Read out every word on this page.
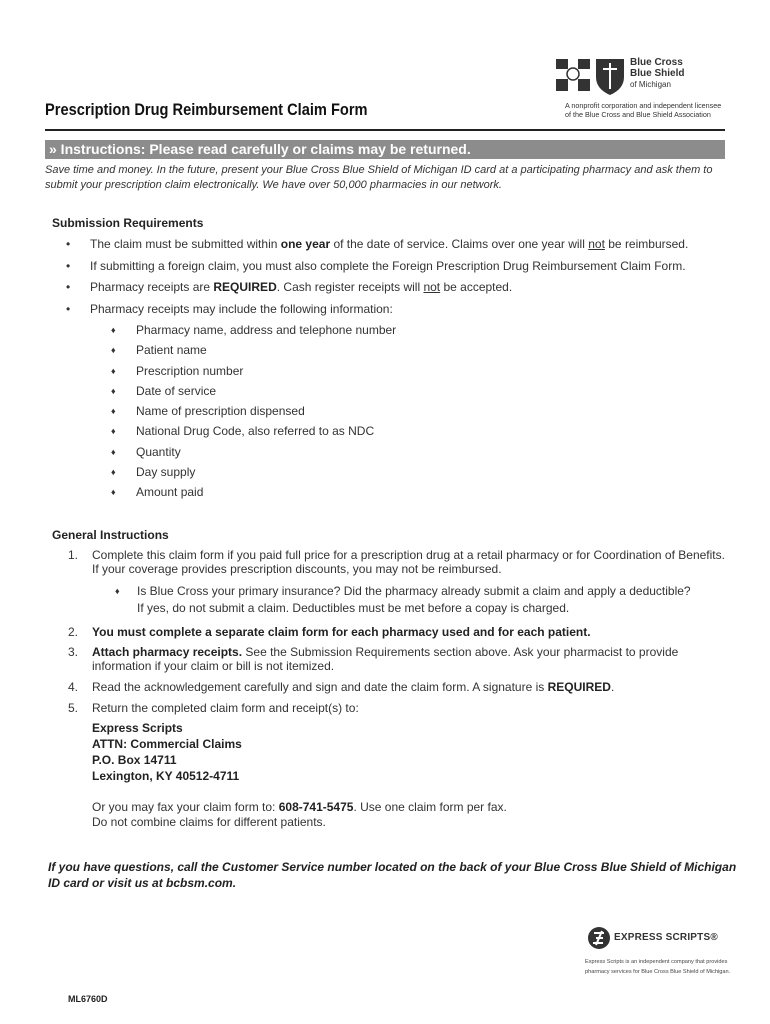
Blue Cross
Blue Shield
of Michigan
A nonprofit corporation and independent licensee
of the Blue Cross and Blue Shield Association
Prescription Drug Reimbursement Claim Form
» Instructions: Please read carefully or claims may be returned.
Save time and money. In the future, present your Blue Cross Blue Shield of Michigan ID card at a participating pharmacy and ask them to submit your prescription claim electronically. We have over 50,000 pharmacies in our network.
Submission Requirements
• The claim must be submitted within one year of the date of service. Claims over one year will not be reimbursed.
• If submitting a foreign claim, you must also complete the Foreign Prescription Drug Reimbursement Claim Form.
• Pharmacy receipts are REQUIRED. Cash register receipts will not be accepted.
• Pharmacy receipts may include the following information:
♦ Pharmacy name, address and telephone number
♦ Patient name
♦ Prescription number
♦ Date of service
♦ Name of prescription dispensed
♦ National Drug Code, also referred to as NDC
♦ Quantity
♦ Day supply
♦ Amount paid
General Instructions
1. Complete this claim form if you paid full price for a prescription drug at a retail pharmacy or for Coordination of Benefits. If your coverage provides prescription discounts, you may not be reimbursed.
♦ Is Blue Cross your primary insurance? Did the pharmacy already submit a claim and apply a deductible?
If yes, do not submit a claim. Deductibles must be met before a copay is charged.
2. You must complete a separate claim form for each pharmacy used and for each patient.
3. Attach pharmacy receipts. See the Submission Requirements section above. Ask your pharmacist to provide information if your claim or bill is not itemized.
4. Read the acknowledgement carefully and sign and date the claim form. A signature is REQUIRED.
5. Return the completed claim form and receipt(s) to:
Express Scripts
ATTN: Commercial Claims
P.O. Box 14711
Lexington, KY 40512-4711
Or you may fax your claim form to: 608-741-5475. Use one claim form per fax.
Do not combine claims for different patients.
If you have questions, call the Customer Service number located on the back of your Blue Cross Blue Shield of Michigan ID card or visit us at bcbsm.com.
EXPRESS SCRIPTS®
Express Scripts is an independent company that provides
pharmacy services for Blue Cross Blue Shield of Michigan.
ML6760D
